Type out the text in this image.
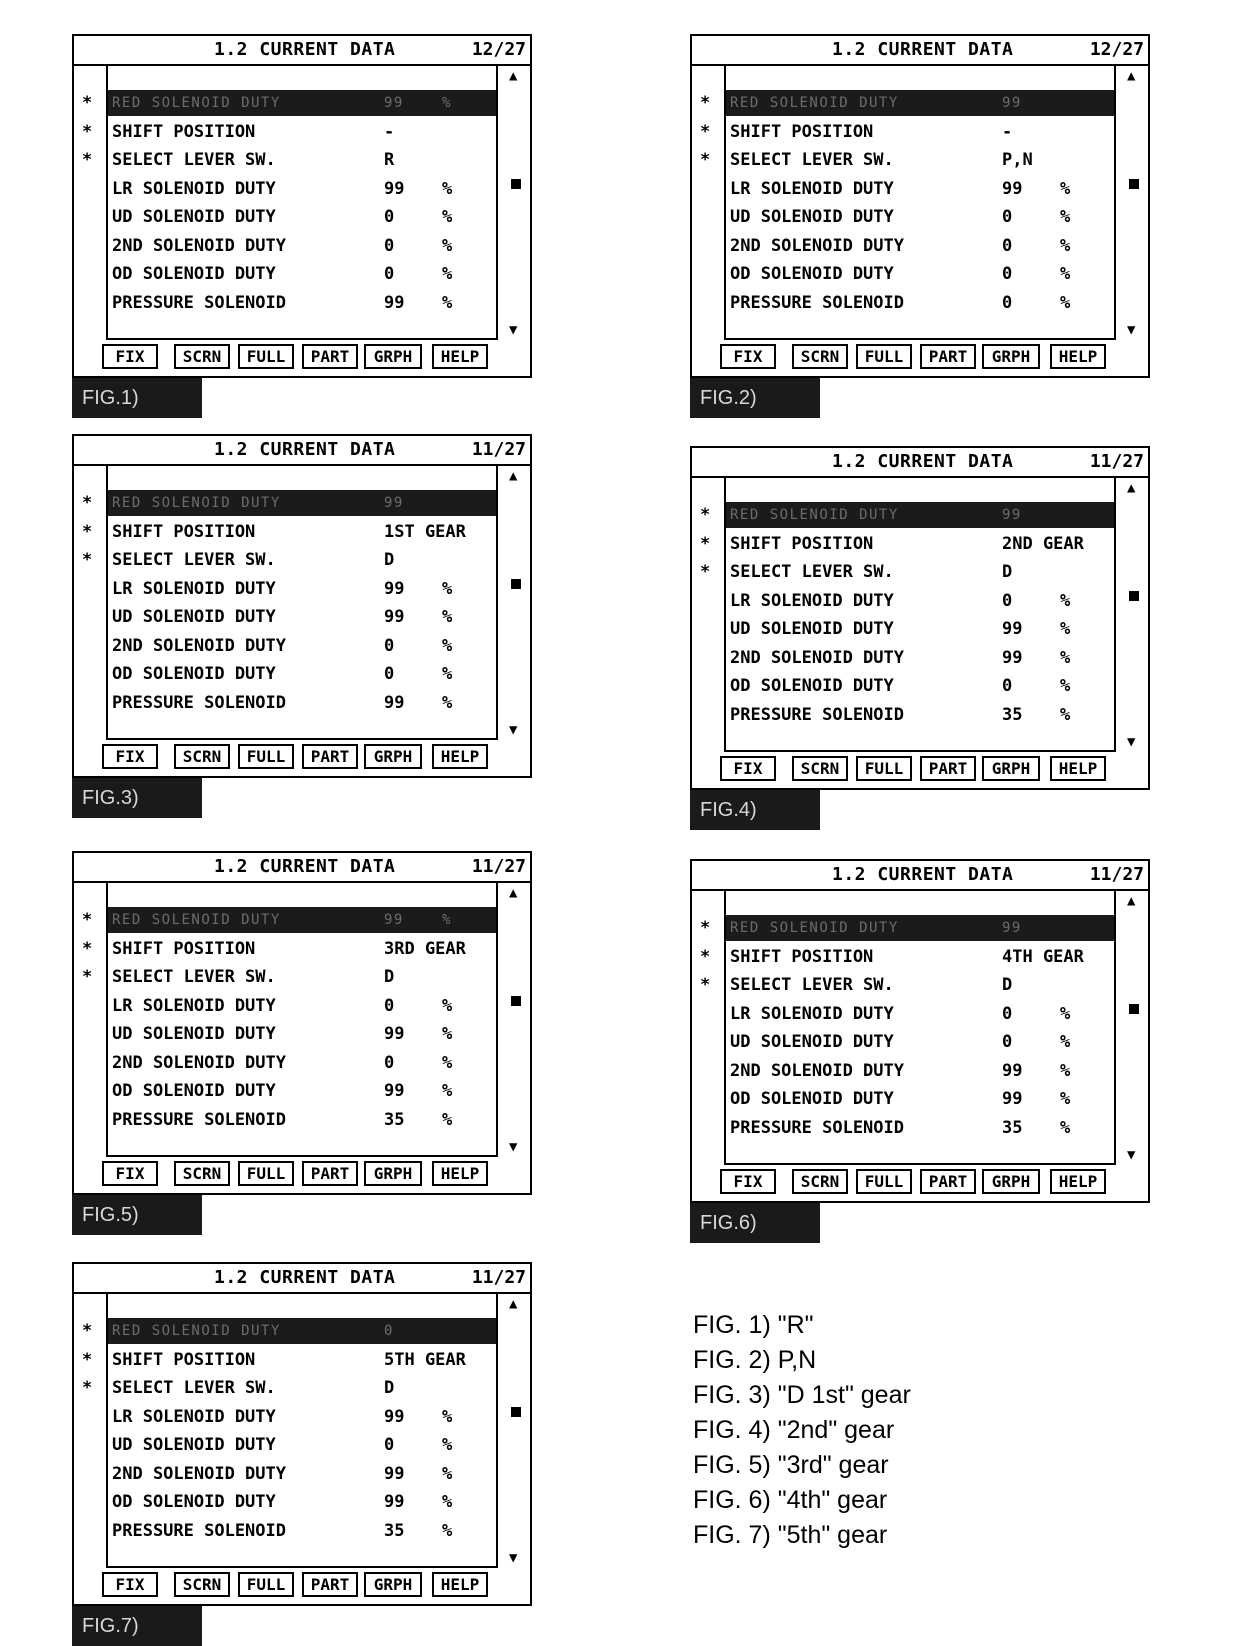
1.2 CURRENT DATA	12/27
*
*
*
RED SOLENOID DUTY	99	%
SHIFT POSITION	-
SELECT LEVER SW.	R
LR SOLENOID DUTY	99 %
UD SOLENOID DUTY	0	%
2ND SOLENOID DUTY	0	%
OD SOLENOID DUTY	0	%
PRESSURE SOLENOID	99 %
▲
▼
FIX	SCRN	FULL	PART	GRPH	HELP
FIG.1)
1.2 CURRENT DATA	12/27
*
*
*
RED SOLENOID DUTY	99
SHIFT POSITION	-
SELECT LEVER SW.	P,N
LR SOLENOID DUTY	99 %
UD SOLENOID DUTY	0	%
2ND SOLENOID DUTY	0	%
OD SOLENOID DUTY	0	%
PRESSURE SOLENOID	0	%
▲
▼
FIX	SCRN	FULL	PART	GRPH	HELP
FIG.2)
1.2 CURRENT DATA	11/27
*
*
*
RED SOLENOID DUTY	99
SHIFT POSITION	1ST GEAR
SELECT LEVER SW.	D
LR SOLENOID DUTY	99 %
UD SOLENOID DUTY	99 %
2ND SOLENOID DUTY	0	%
OD SOLENOID DUTY	0	%
PRESSURE SOLENOID	99 %
▲
▼
FIX	SCRN	FULL	PART	GRPH	HELP
FIG.3)
1.2 CURRENT DATA	11/27
*
*
*
RED SOLENOID DUTY	99
SHIFT POSITION	2ND GEAR
SELECT LEVER SW.	D
LR SOLENOID DUTY	0	%
UD SOLENOID DUTY	99 %
2ND SOLENOID DUTY	99 %
OD SOLENOID DUTY	0	%
PRESSURE SOLENOID	35 %
▲
▼
FIX	SCRN	FULL	PART	GRPH	HELP
FIG.4)
1.2 CURRENT DATA	11/27
*
*
*
RED SOLENOID DUTY	99	%
SHIFT POSITION	3RD GEAR
SELECT LEVER SW.	D
LR SOLENOID DUTY	0	%
UD SOLENOID DUTY	99 %
2ND SOLENOID DUTY	0	%
OD SOLENOID DUTY	99 %
PRESSURE SOLENOID	35 %
▲
▼
FIX	SCRN	FULL	PART	GRPH	HELP
FIG.5)
1.2 CURRENT DATA	11/27
*
*
*
RED SOLENOID DUTY	99
SHIFT POSITION	4TH GEAR
SELECT LEVER SW.	D
LR SOLENOID DUTY	0	%
UD SOLENOID DUTY	0	%
2ND SOLENOID DUTY	99 %
OD SOLENOID DUTY	99 %
PRESSURE SOLENOID	35 %
▲
▼
FIX	SCRN	FULL	PART	GRPH	HELP
FIG.6)
1.2 CURRENT DATA	11/27
*
*
*
RED SOLENOID DUTY	0
SHIFT POSITION	5TH GEAR
SELECT LEVER SW.	D
LR SOLENOID DUTY	99 %
UD SOLENOID DUTY	0	%
2ND SOLENOID DUTY	99 %
OD SOLENOID DUTY	99 %
PRESSURE SOLENOID	35 %
▲
▼
FIX	SCRN	FULL	PART	GRPH	HELP
FIG.7)
FIG. 1) "R"
FIG. 2) P,N
FIG. 3) "D 1st" gear
FIG. 4) "2nd" gear
FIG. 5) "3rd" gear
FIG. 6) "4th" gear
FIG. 7) "5th" gear
